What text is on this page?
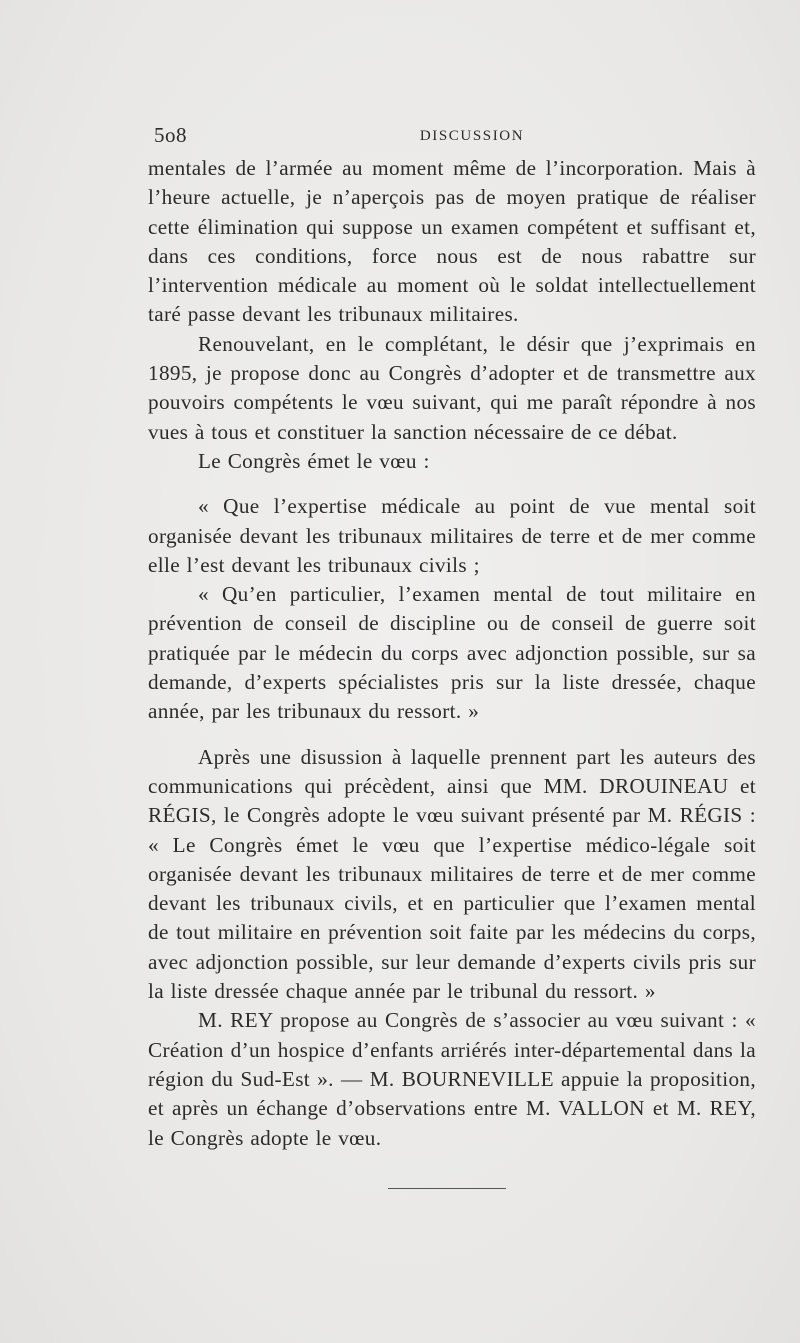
5o8	DISCUSSION

mentales de l’armée au moment même de l’incorporation. Mais à l’heure actuelle, je n’aperçois pas de moyen pratique de réaliser cette élimination qui suppose un examen compétent et suffisant et, dans ces conditions, force nous est de nous rabattre sur l’intervention médicale au moment où le soldat intellectuellement taré passe devant les tribunaux militaires.

Renouvelant, en le complétant, le désir que j’exprimais en 1895, je propose donc au Congrès d’adopter et de transmettre aux pouvoirs compétents le vœu suivant, qui me paraît répondre à nos vues à tous et constituer la sanction nécessaire de ce débat.

Le Congrès émet le vœu :

« Que l’expertise médicale au point de vue mental soit organisée devant les tribunaux militaires de terre et de mer comme elle l’est devant les tribunaux civils ;

« Qu’en particulier, l’examen mental de tout militaire en prévention de conseil de discipline ou de conseil de guerre soit pratiquée par le médecin du corps avec adjonction possible, sur sa demande, d’experts spécialistes pris sur la liste dressée, chaque année, par les tribunaux du ressort. »

Après une disussion à laquelle prennent part les auteurs des communications qui précèdent, ainsi que MM. DROUINEAU et RÉGIS, le Congrès adopte le vœu suivant présenté par M. RÉGIS : « Le Congrès émet le vœu que l’expertise médico-légale soit organisée devant les tribunaux militaires de terre et de mer comme devant les tribunaux civils, et en particulier que l’examen mental de tout militaire en prévention soit faite par les médecins du corps, avec adjonction possible, sur leur demande d’experts civils pris sur la liste dressée chaque année par le tribunal du ressort. »

M. REY propose au Congrès de s’associer au vœu suivant : « Création d’un hospice d’enfants arriérés inter-départemental dans la région du Sud-Est ». — M. BOURNEVILLE appuie la proposition, et après un échange d’observations entre M. VALLON et M. REY, le Congrès adopte le vœu.
